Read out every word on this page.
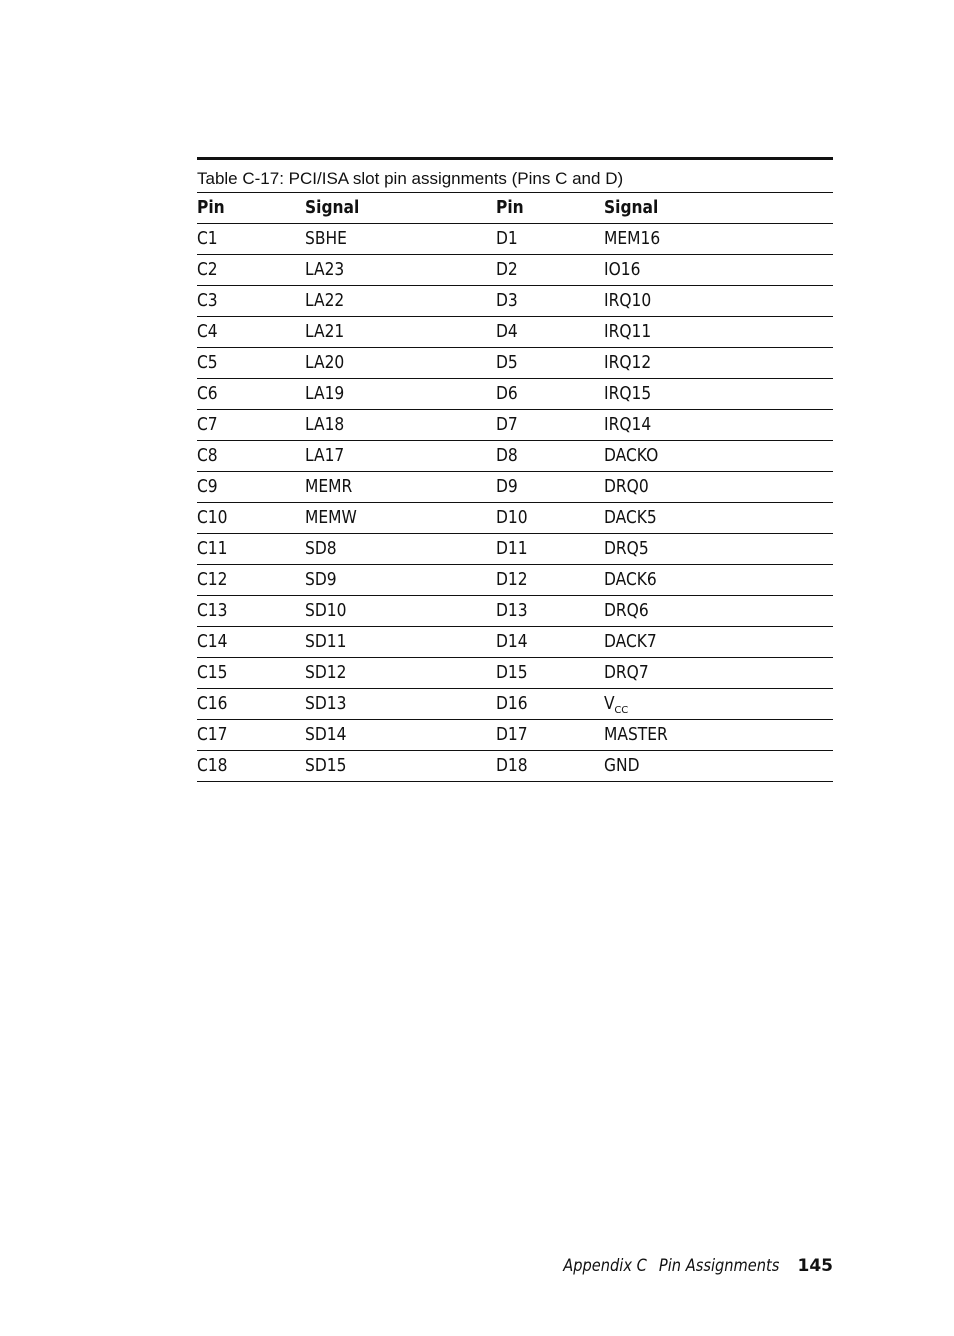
Table C-17: PCI/ISA slot pin assignments (Pins C and D)
Pin	Signal	Pin	Signal
C1	SBHE	D1	MEM16
C2	LA23	D2	IO16
C3	LA22	D3	IRQ10
C4	LA21	D4	IRQ11
C5	LA20	D5	IRQ12
C6	LA19	D6	IRQ15
C7	LA18	D7	IRQ14
C8	LA17	D8	DACKO
C9	MEMR	D9	DRQ0
C10	MEMW	D10	DACK5
C11	SD8	D11	DRQ5
C12	SD9	D12	DACK6
C13	SD10	D13	DRQ6
C14	SD11	D14	DACK7
C15	SD12	D15	DRQ7
C16	SD13	D16	$V_{CC}$
C17	SD14	D17	MASTER
C18	SD15	D18	GND
Appendix C Pin Assignments 145
